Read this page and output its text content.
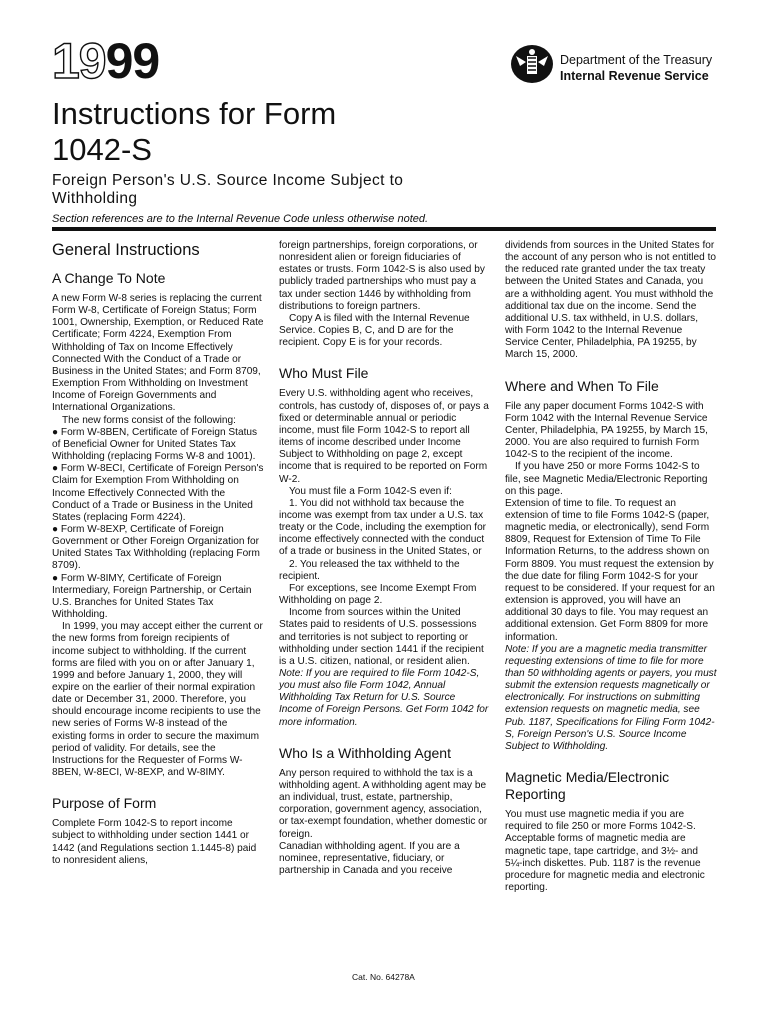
1999	Department of the Treasury
Internal Revenue Service
Instructions for Form
1042-S
Foreign Person's U.S. Source Income Subject to Withholding
Section references are to the Internal Revenue Code unless otherwise noted.
General Instructions
A Change To Note

A new Form W-8 series is replacing the current Form W-8, Certificate of Foreign Status; Form 1001, Ownership, Exemption, or Reduced Rate Certificate; Form 4224, Exemption From Withholding of Tax on Income Effectively Connected With the Conduct of a Trade or Business in the United States; and Form 8709, Exemption From Withholding on Investment Income of Foreign Governments and International Organizations.

The new forms consist of the following:

● Form W-8BEN, Certificate of Foreign Status of Beneficial Owner for United States Tax Withholding (replacing Forms W-8 and 1001).

● Form W-8ECI, Certificate of Foreign Person's Claim for Exemption From Withholding on Income Effectively Connected With the Conduct of a Trade or Business in the United States (replacing Form 4224).

● Form W-8EXP, Certificate of Foreign Government or Other Foreign Organization for United States Tax Withholding (replacing Form 8709).

● Form W-8IMY, Certificate of Foreign Intermediary, Foreign Partnership, or Certain U.S. Branches for United States Tax Withholding.

In 1999, you may accept either the current or the new forms from foreign recipients of income subject to withholding. If the current forms are filed with you on or after January 1, 1999 and before January 1, 2000, they will expire on the earlier of their normal expiration date or December 31, 2000. Therefore, you should encourage income recipients to use the new series of Forms W-8 instead of the existing forms in order to secure the maximum period of validity. For details, see the Instructions for the Requester of Forms W-8BEN, W-8ECI, W-8EXP, and W-8IMY.

Purpose of Form

Complete Form 1042-S to report income subject to withholding under section 1441 or 1442 (and Regulations section 1.1445-8) paid to nonresident aliens,

foreign partnerships, foreign corporations, or nonresident alien or foreign fiduciaries of estates or trusts. Form 1042-S is also used by publicly traded partnerships who must pay a tax under section 1446 by withholding from distributions to foreign partners.

Copy A is filed with the Internal Revenue Service. Copies B, C, and D are for the recipient. Copy E is for your records.

Who Must File

Every U.S. withholding agent who receives, controls, has custody of, disposes of, or pays a fixed or determinable annual or periodic income, must file Form 1042-S to report all items of income described under Income Subject to Withholding on page 2, except income that is required to be reported on Form W-2.

You must file a Form 1042-S even if:

1. You did not withhold tax because the income was exempt from tax under a U.S. tax treaty or the Code, including the exemption for income effectively connected with the conduct of a trade or business in the United States, or

2. You released the tax withheld to the recipient.

For exceptions, see Income Exempt From Withholding on page 2.

Income from sources within the United States paid to residents of U.S. possessions and territories is not subject to reporting or withholding under section 1441 if the recipient is a U.S. citizen, national, or resident alien.

Note: If you are required to file Form 1042-S, you must also file Form 1042, Annual Withholding Tax Return for U.S. Source Income of Foreign Persons. Get Form 1042 for more information.

Who Is a Withholding Agent

Any person required to withhold the tax is a withholding agent. A withholding agent may be an individual, trust, estate, partnership, corporation, government agency, association, or tax-exempt foundation, whether domestic or foreign.

Canadian withholding agent. If you are a nominee, representative, fiduciary, or partnership in Canada and you receive

dividends from sources in the United States for the account of any person who is not entitled to the reduced rate granted under the tax treaty between the United States and Canada, you are a withholding agent. You must withhold the additional tax due on the income. Send the additional U.S. tax withheld, in U.S. dollars, with Form 1042 to the Internal Revenue Service Center, Philadelphia, PA 19255, by March 15, 2000.

Where and When To File

File any paper document Forms 1042-S with Form 1042 with the Internal Revenue Service Center, Philadelphia, PA 19255, by March 15, 2000. You are also required to furnish Form 1042-S to the recipient of the income.

If you have 250 or more Forms 1042-S to file, see Magnetic Media/Electronic Reporting on this page.

Extension of time to file. To request an extension of time to file Forms 1042-S (paper, magnetic media, or electronically), send Form 8809, Request for Extension of Time To File Information Returns, to the address shown on Form 8809. You must request the extension by the due date for filing Form 1042-S for your request to be considered. If your request for an extension is approved, you will have an additional 30 days to file. You may request an additional extension. Get Form 8809 for more information.

Note: If you are a magnetic media transmitter requesting extensions of time to file for more than 50 withholding agents or payers, you must submit the extension requests magnetically or electronically. For instructions on submitting extension requests on magnetic media, see Pub. 1187, Specifications for Filing Form 1042-S, Foreign Person's U.S. Source Income Subject to Withholding.

Magnetic Media/Electronic Reporting

You must use magnetic media if you are required to file 250 or more Forms 1042-S. Acceptable forms of magnetic media are magnetic tape, tape cartridge, and 3½- and 5¼-inch diskettes. Pub. 1187 is the revenue procedure for magnetic media and electronic reporting.

Cat. No. 64278A
